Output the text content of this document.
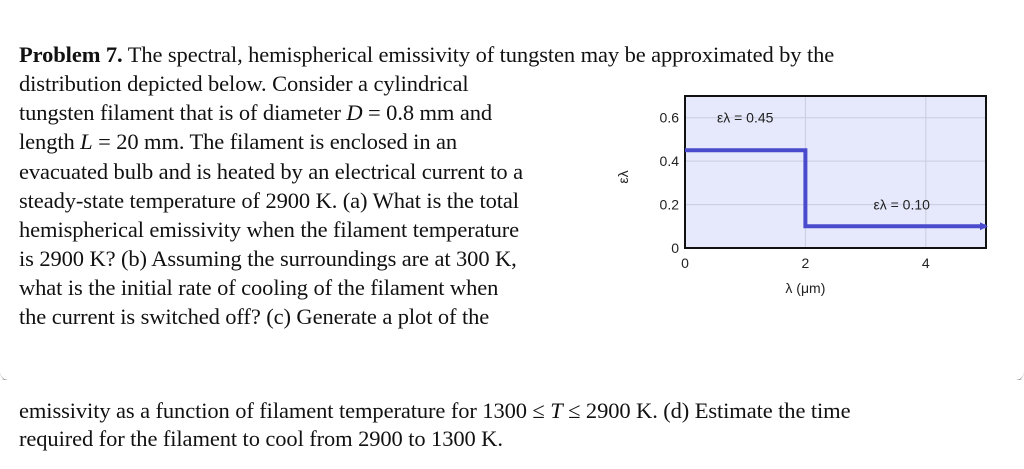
Problem 7. The spectral, hemispherical emissivity of tungsten may be approximated by the
distribution depicted below. Consider a cylindrical
tungsten filament that is of diameter D = 0.8 mm and
length L = 20 mm. The filament is enclosed in an
evacuated bulb and is heated by an electrical current to a
steady-state temperature of 2900 K. (a) What is the total
hemispherical emissivity when the filament temperature
is 2900 K? (b) Assuming the surroundings are at 300 K,
what is the initial rate of cooling of the filament when
the current is switched off? (c) Generate a plot of the
0
0.2
0.4
0.6
0	2	4
λ (μm)
ελ
ελ = 0.45
ελ = 0.10
emissivity as a function of filament temperature for 1300 ≤ T ≤ 2900 K. (d) Estimate the time
required for the filament to cool from 2900 to 1300 K.
